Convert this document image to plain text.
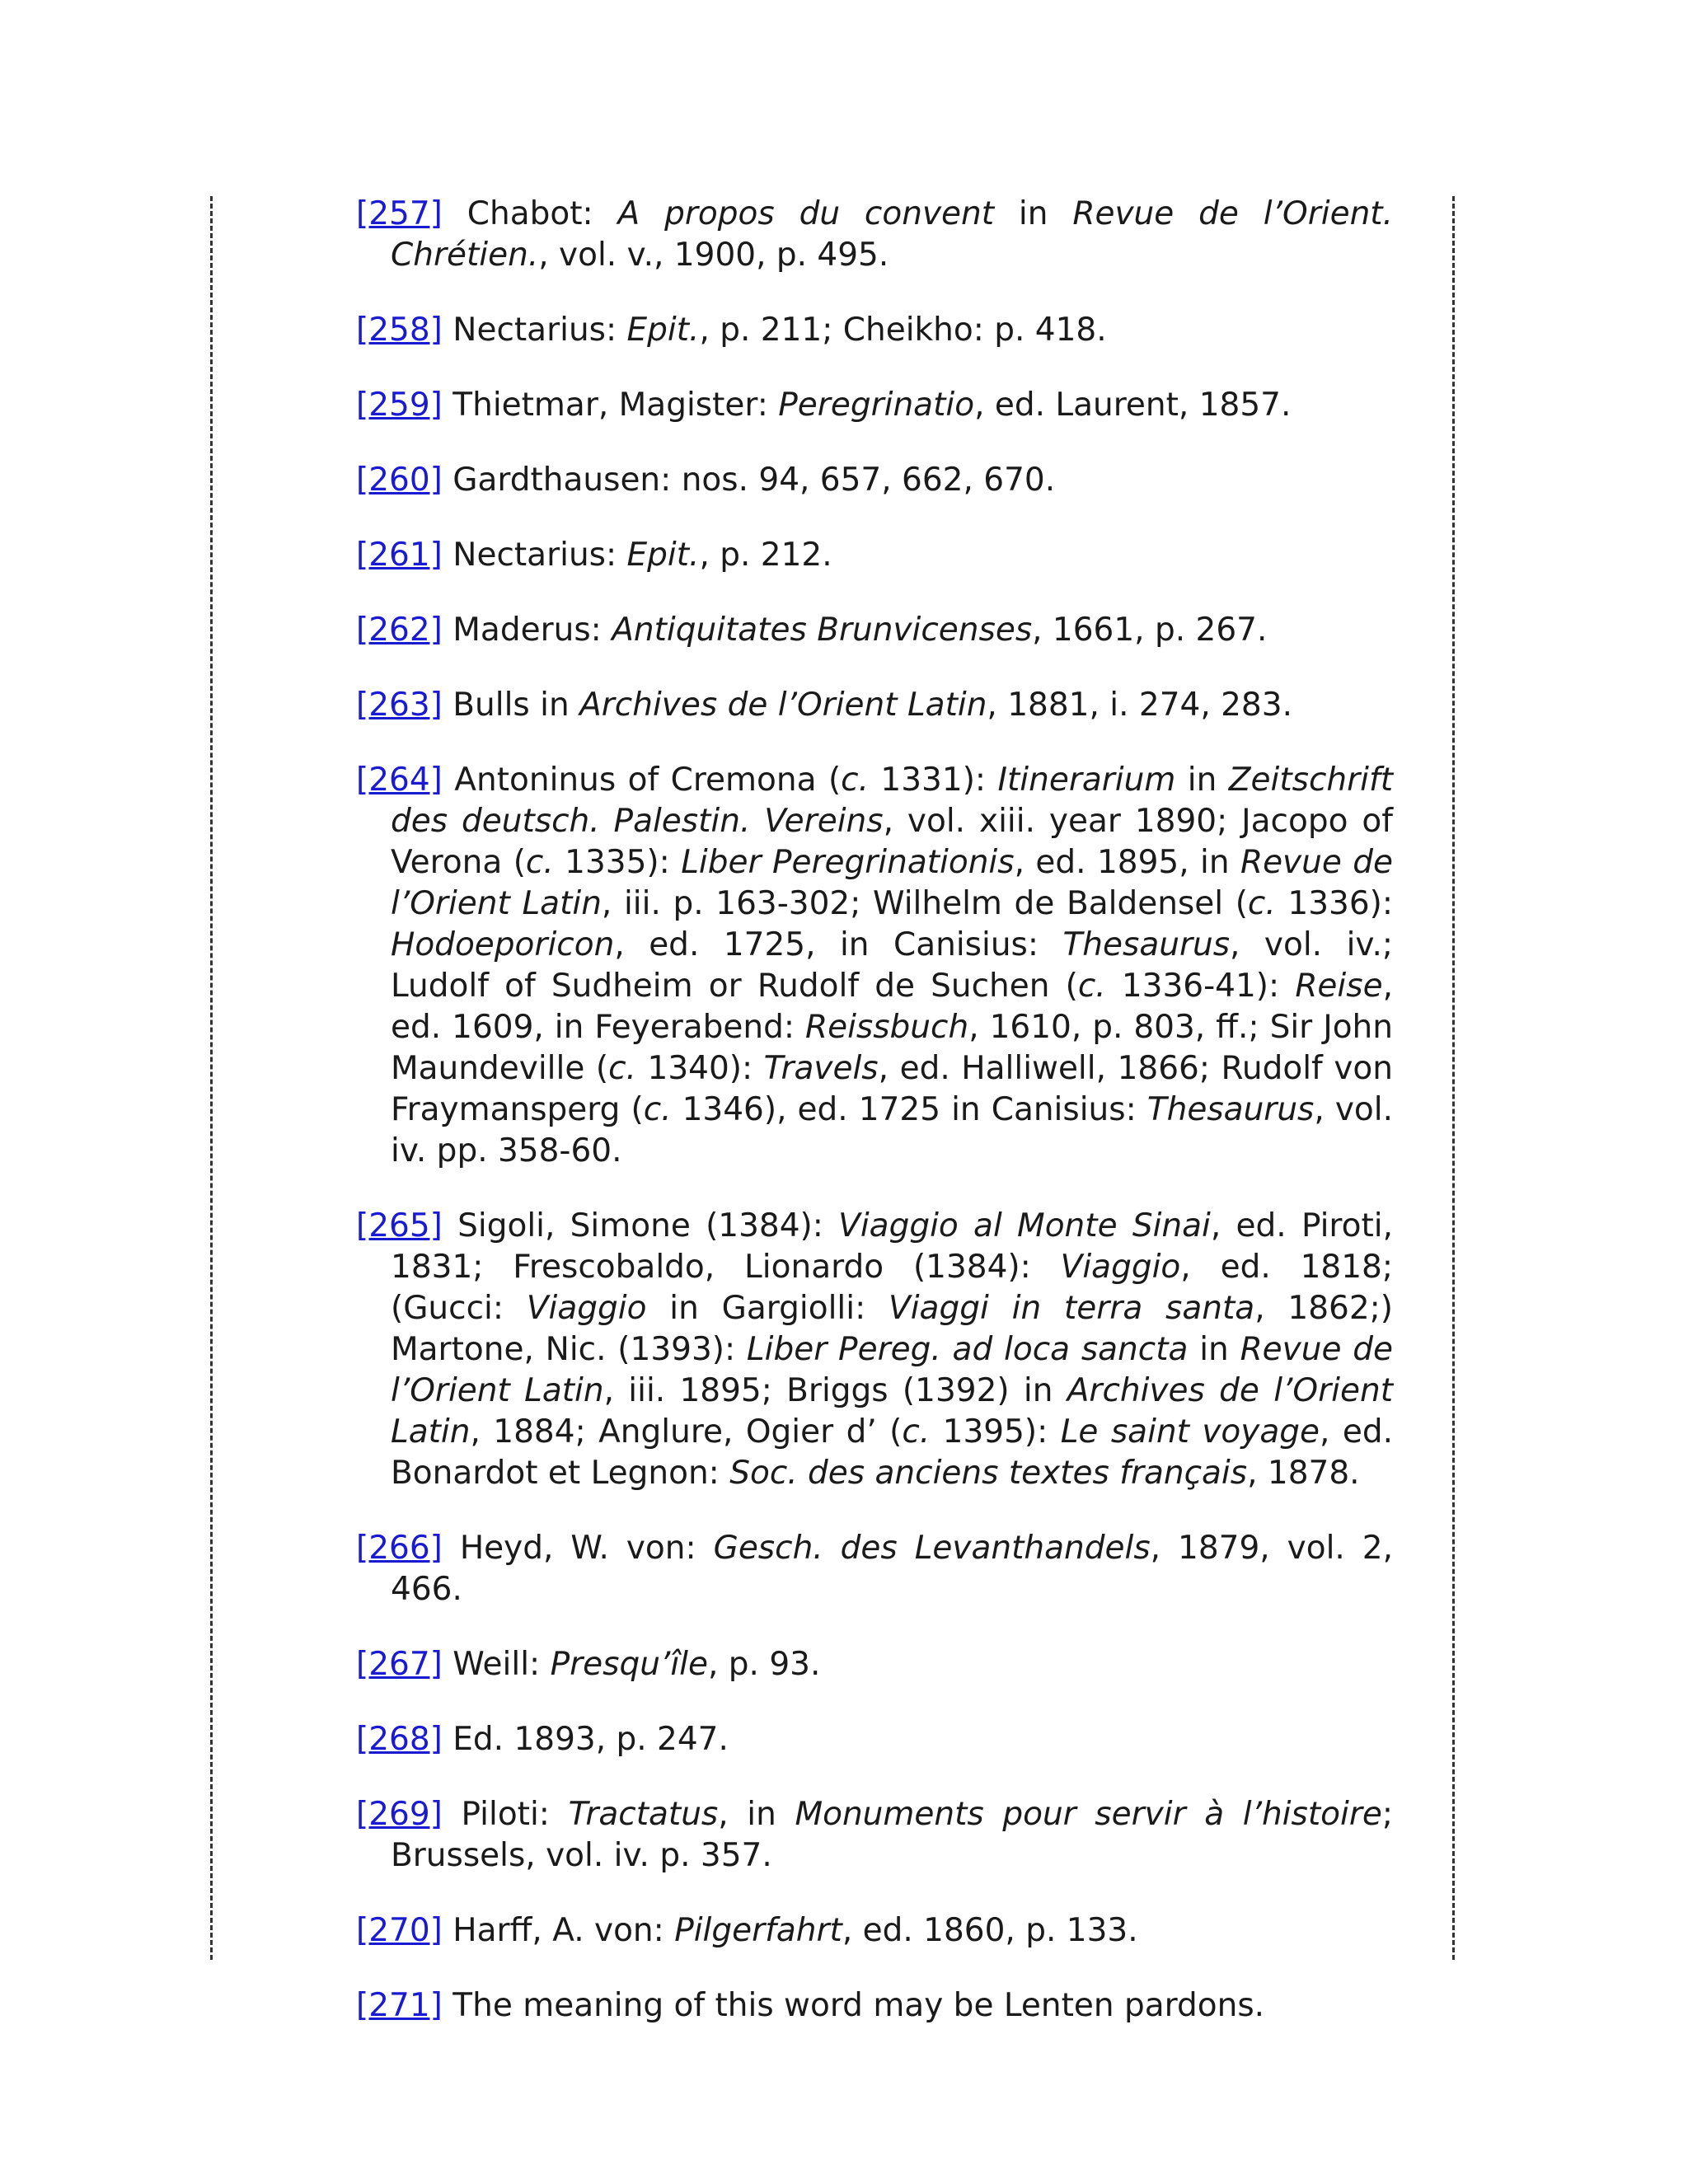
[257] Chabot: A propos du convent in Revue de l’Orient. Chrétien., vol. v., 1900, p. 495.

[258] Nectarius: Epit., p. 211; Cheikho: p. 418.

[259] Thietmar, Magister: Peregrinatio, ed. Laurent, 1857.

[260] Gardthausen: nos. 94, 657, 662, 670.

[261] Nectarius: Epit., p. 212.

[262] Maderus: Antiquitates Brunvicenses, 1661, p. 267.

[263] Bulls in Archives de l’Orient Latin, 1881, i. 274, 283.

[264] Antoninus of Cremona (c. 1331): Itinerarium in Zeitschrift des deutsch. Palestin. Vereins, vol. xiii. year 1890; Jacopo of Verona (c. 1335): Liber Peregrinationis, ed. 1895, in Revue de l’Orient Latin, iii. p. 163-302; Wilhelm de Baldensel (c. 1336): Hodoeporicon, ed. 1725, in Canisius: Thesaurus, vol. iv.; Ludolf of Sudheim or Rudolf de Suchen (c. 1336-41): Reise, ed. 1609, in Feyerabend: Reissbuch, 1610, p. 803, ff.; Sir John Maundeville (c. 1340): Travels, ed. Halliwell, 1866; Rudolf von Fraymansperg (c. 1346), ed. 1725 in Canisius: Thesaurus, vol. iv. pp. 358-60.

[265] Sigoli, Simone (1384): Viaggio al Monte Sinai, ed. Piroti, 1831; Frescobaldo, Lionardo (1384): Viaggio, ed. 1818; (Gucci: Viaggio in Gargiolli: Viaggi in terra santa, 1862;) Martone, Nic. (1393): Liber Pereg. ad loca sancta in Revue de l’Orient Latin, iii. 1895; Briggs (1392) in Archives de l’Orient Latin, 1884; Anglure, Ogier d’ (c. 1395): Le saint voyage, ed. Bonardot et Legnon: Soc. des anciens textes français, 1878.

[266] Heyd, W. von: Gesch. des Levanthandels, 1879, vol. 2, 466.

[267] Weill: Presqu’île, p. 93.

[268] Ed. 1893, p. 247.

[269] Piloti: Tractatus, in Monuments pour servir à l’histoire; Brussels, vol. iv. p. 357.

[270] Harff, A. von: Pilgerfahrt, ed. 1860, p. 133.

[271] The meaning of this word may be Lenten pardons.
